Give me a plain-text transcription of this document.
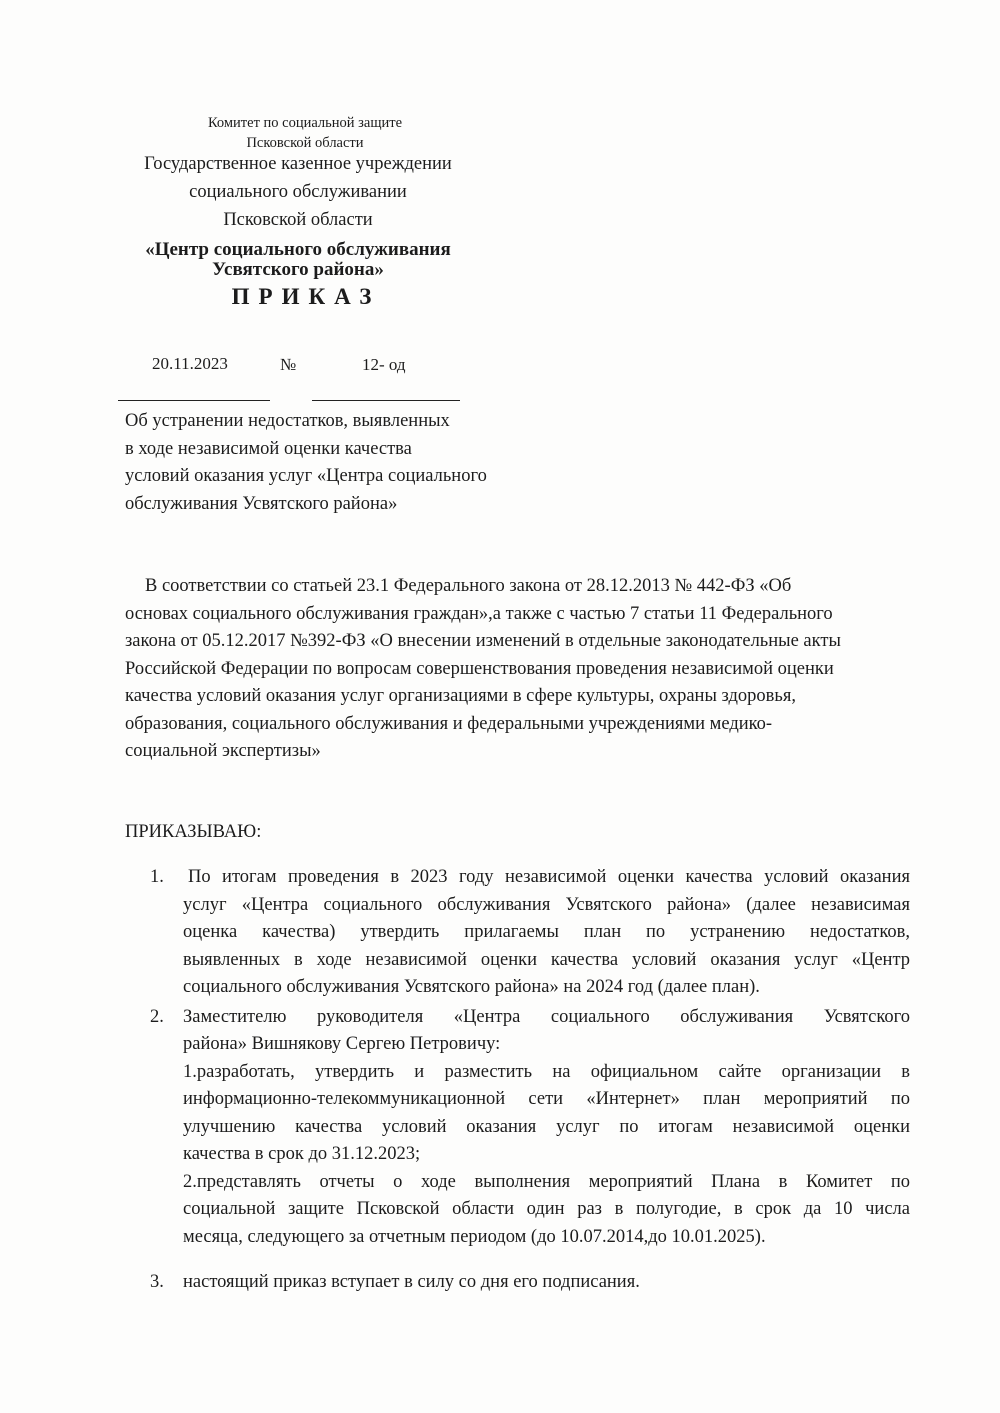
Комитет по социальной защите
Псковской области
Государственное казенное учреждении
социального обслуживании
Псковской области
«Центр социального обслуживания
Усвятского района»
ПРИКАЗ
20.11.2023	№	12- од
Об устранении недостатков, выявленных
в ходе независимой оценки качества
условий оказания услуг «Центра социального
обслуживания Усвятского района»
В соответствии со статьей 23.1 Федерального закона от 28.12.2013 № 442-ФЗ «Об
основах социального обслуживания граждан»,а также с частью 7 статьи 11 Федерального
закона от 05.12.2017 №392-ФЗ «О внесении изменений в отдельные законодательные акты
Российской Федерации по вопросам совершенствования проведения независимой оценки
качества условий оказания услуг организациями в сфере культуры, охраны здоровья,
образования, социального обслуживания и федеральными учреждениями медико-
социальной экспертизы»
ПРИКАЗЫВАЮ:
1. По итогам проведения в 2023 году независимой оценки качества условий оказания
услуг «Центра социального обслуживания Усвятского района» (далее независимая
оценка качества) утвердить прилагаемы план по устранению недостатков,
выявленных в ходе независимой оценки качества условий оказания услуг «Центр
социального обслуживания Усвятского района» на 2024 год (далее план).
2. Заместителю руководителя «Центра социального обслуживания Усвятского
района» Вишнякову Сергею Петровичу:
1.разработать, утвердить и разместить на официальном сайте организации в
информационно-телекоммуникационной сети «Интернет» план мероприятий по
улучшению качества условий оказания услуг по итогам независимой оценки
качества в срок до 31.12.2023;
2.представлять отчеты о ходе выполнения мероприятий Плана в Комитет по
социальной защите Псковской области один раз в полугодие, в срок да 10 числа
месяца, следующего за отчетным периодом (до 10.07.2014,до 10.01.2025).
3. настоящий приказ вступает в силу со дня его подписания.
